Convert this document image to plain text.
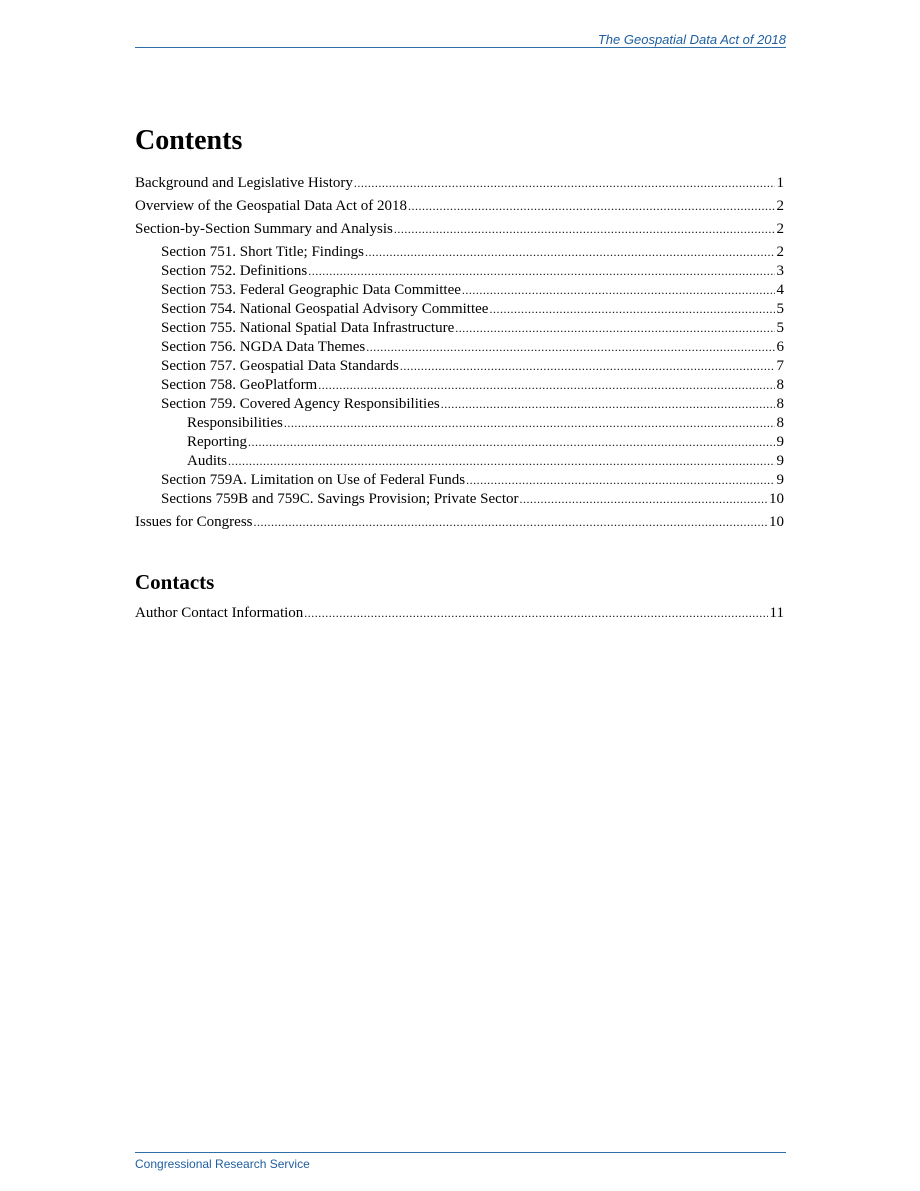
The Geospatial Data Act of 2018
Contents
Background and Legislative History .....	1
Overview of the Geospatial Data Act of 2018 .....	2
Section-by-Section Summary and Analysis .....	2
Section 751. Short Title; Findings .....	2
Section 752. Definitions .....	3
Section 753. Federal Geographic Data Committee .....	4
Section 754. National Geospatial Advisory Committee .....	5
Section 755. National Spatial Data Infrastructure .....	5
Section 756. NGDA Data Themes .....	6
Section 757. Geospatial Data Standards .....	7
Section 758. GeoPlatform .....	8
Section 759. Covered Agency Responsibilities .....	8
Responsibilities .....	8
Reporting .....	9
Audits .....	9
Section 759A. Limitation on Use of Federal Funds .....	9
Sections 759B and 759C. Savings Provision; Private Sector .....	10
Issues for Congress .....	10
Contacts
Author Contact Information .....	11
Congressional Research Service
